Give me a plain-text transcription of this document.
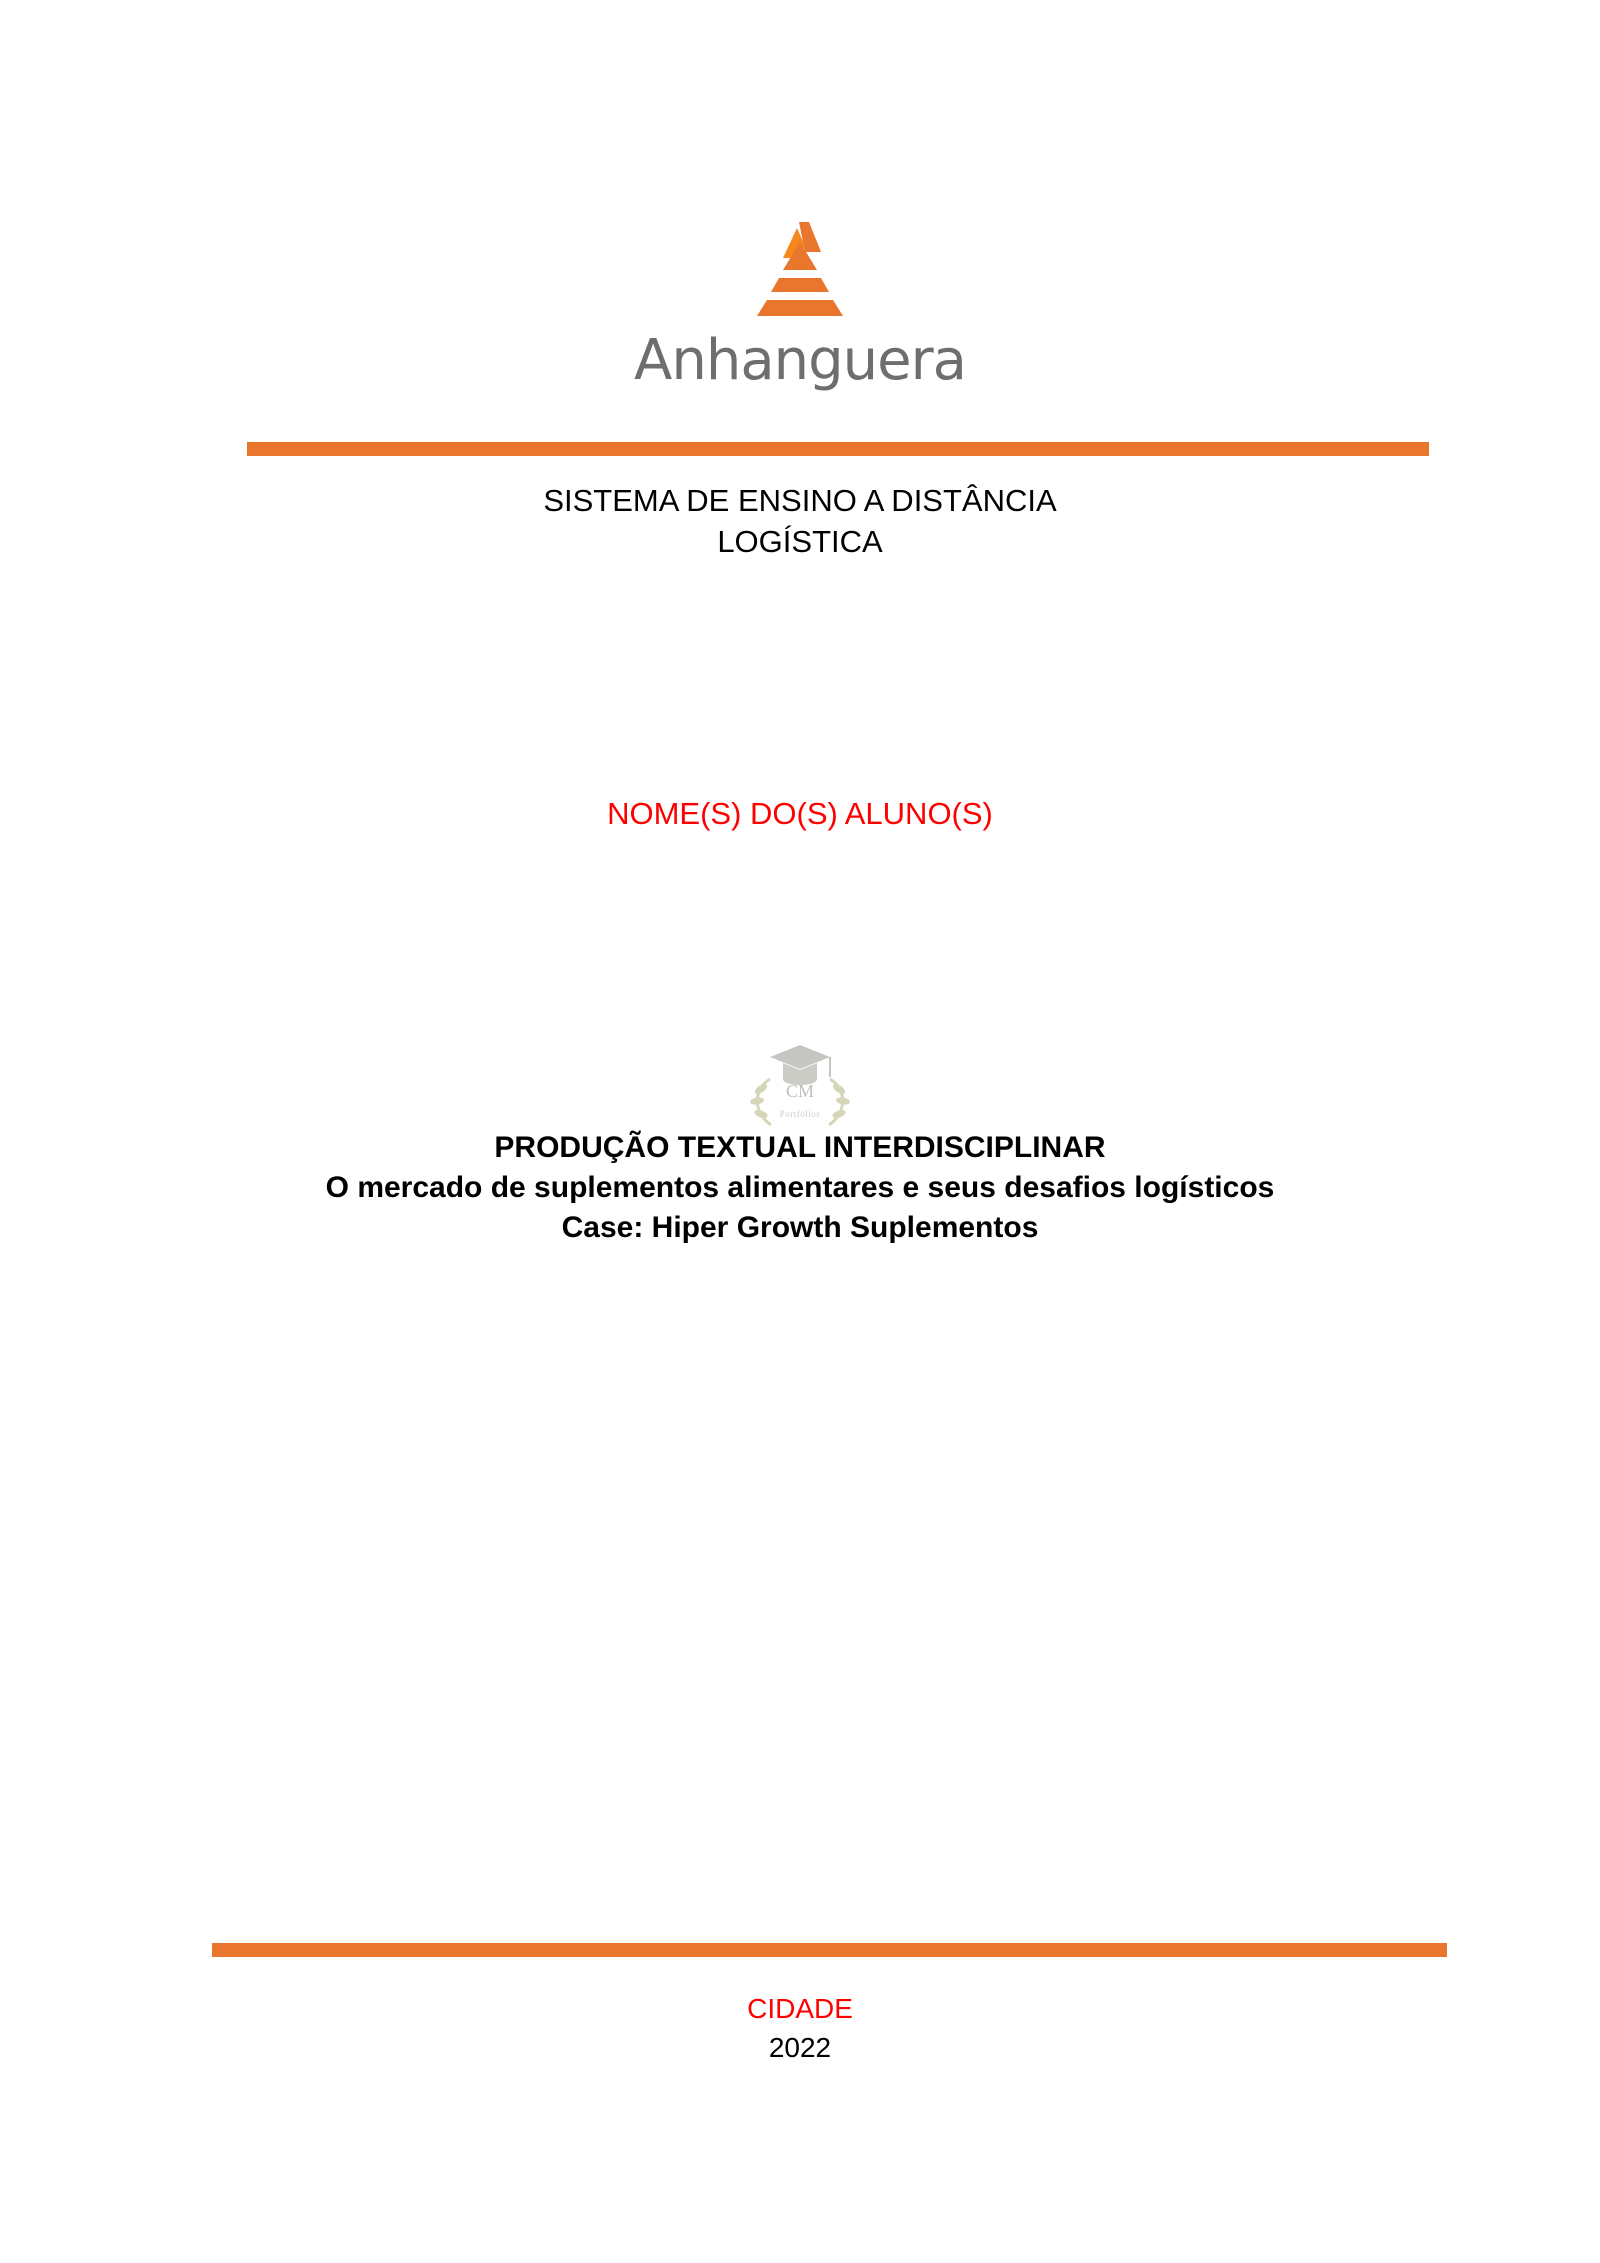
Anhanguera
SISTEMA DE ENSINO A DISTÂNCIA
LOGÍSTICA
NOME(S) DO(S) ALUNO(S)
CM
Portfólios
PRODUÇÃO TEXTUAL INTERDISCIPLINAR
O mercado de suplementos alimentares e seus desafios logísticos
Case: Hiper Growth Suplementos
CIDADE
2022
